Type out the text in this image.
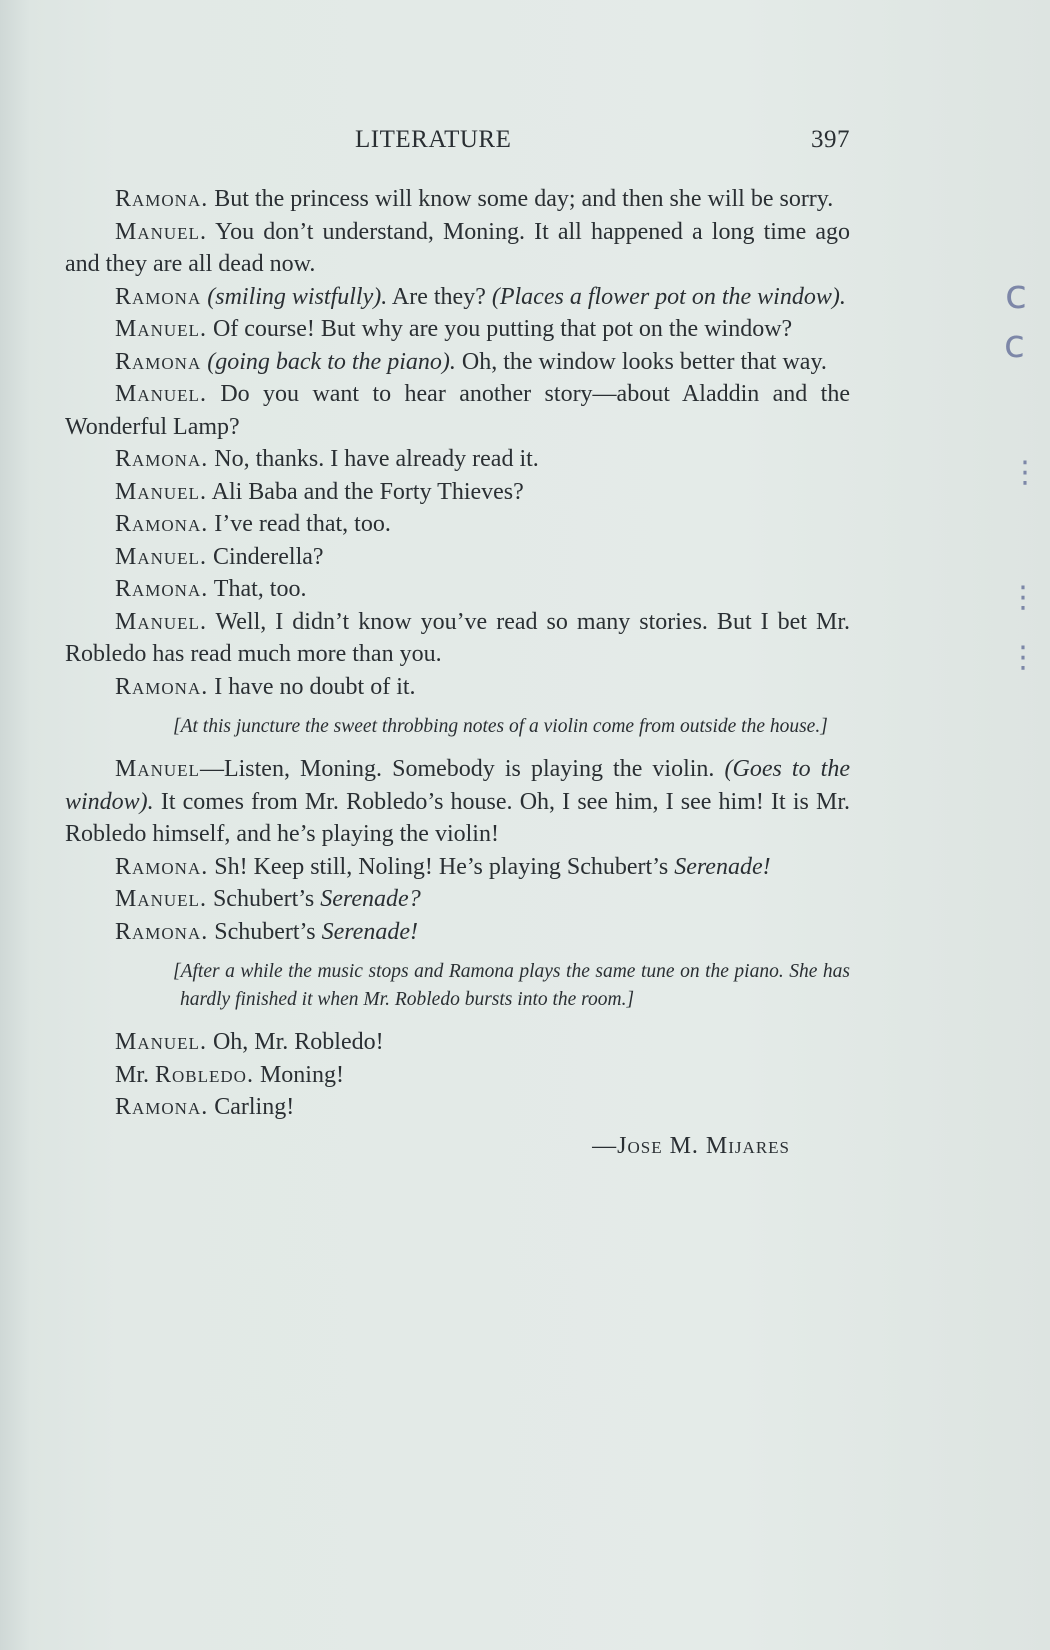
LITERATURE	397

Ramona. But the princess will know some day; and then she will be sorry.

Manuel. You don’t understand, Moning. It all happened a long time ago and they are all dead now.

Ramona (smiling wistfully). Are they? (Places a flower pot on the window).

Manuel. Of course! But why are you putting that pot on the window?

Ramona (going back to the piano). Oh, the window looks better that way.

Manuel. Do you want to hear another story—about Aladdin and the Wonderful Lamp?

Ramona. No, thanks. I have already read it.

Manuel. Ali Baba and the Forty Thieves?

Ramona. I’ve read that, too.

Manuel. Cinderella?

Ramona. That, too.

Manuel. Well, I didn’t know you’ve read so many stories. But I bet Mr. Robledo has read much more than you.

Ramona. I have no doubt of it.

[At this juncture the sweet throbbing notes of a violin come from outside the house.]

Manuel—Listen, Moning. Somebody is playing the violin. (Goes to the window). It comes from Mr. Robledo’s house. Oh, I see him, I see him! It is Mr. Robledo himself, and he’s playing the violin!

Ramona. Sh! Keep still, Noling! He’s playing Schubert’s Serenade!

Manuel. Schubert’s Serenade?

Ramona. Schubert’s Serenade!

[After a while the music stops and Ramona plays the same tune on the piano. She has hardly finished it when Mr. Robledo bursts into the room.]

Manuel. Oh, Mr. Robledo!

Mr. Robledo. Moning!

Ramona. Carling!

—Jose M. Mijares

c
c
⋮
⋮
⋮
